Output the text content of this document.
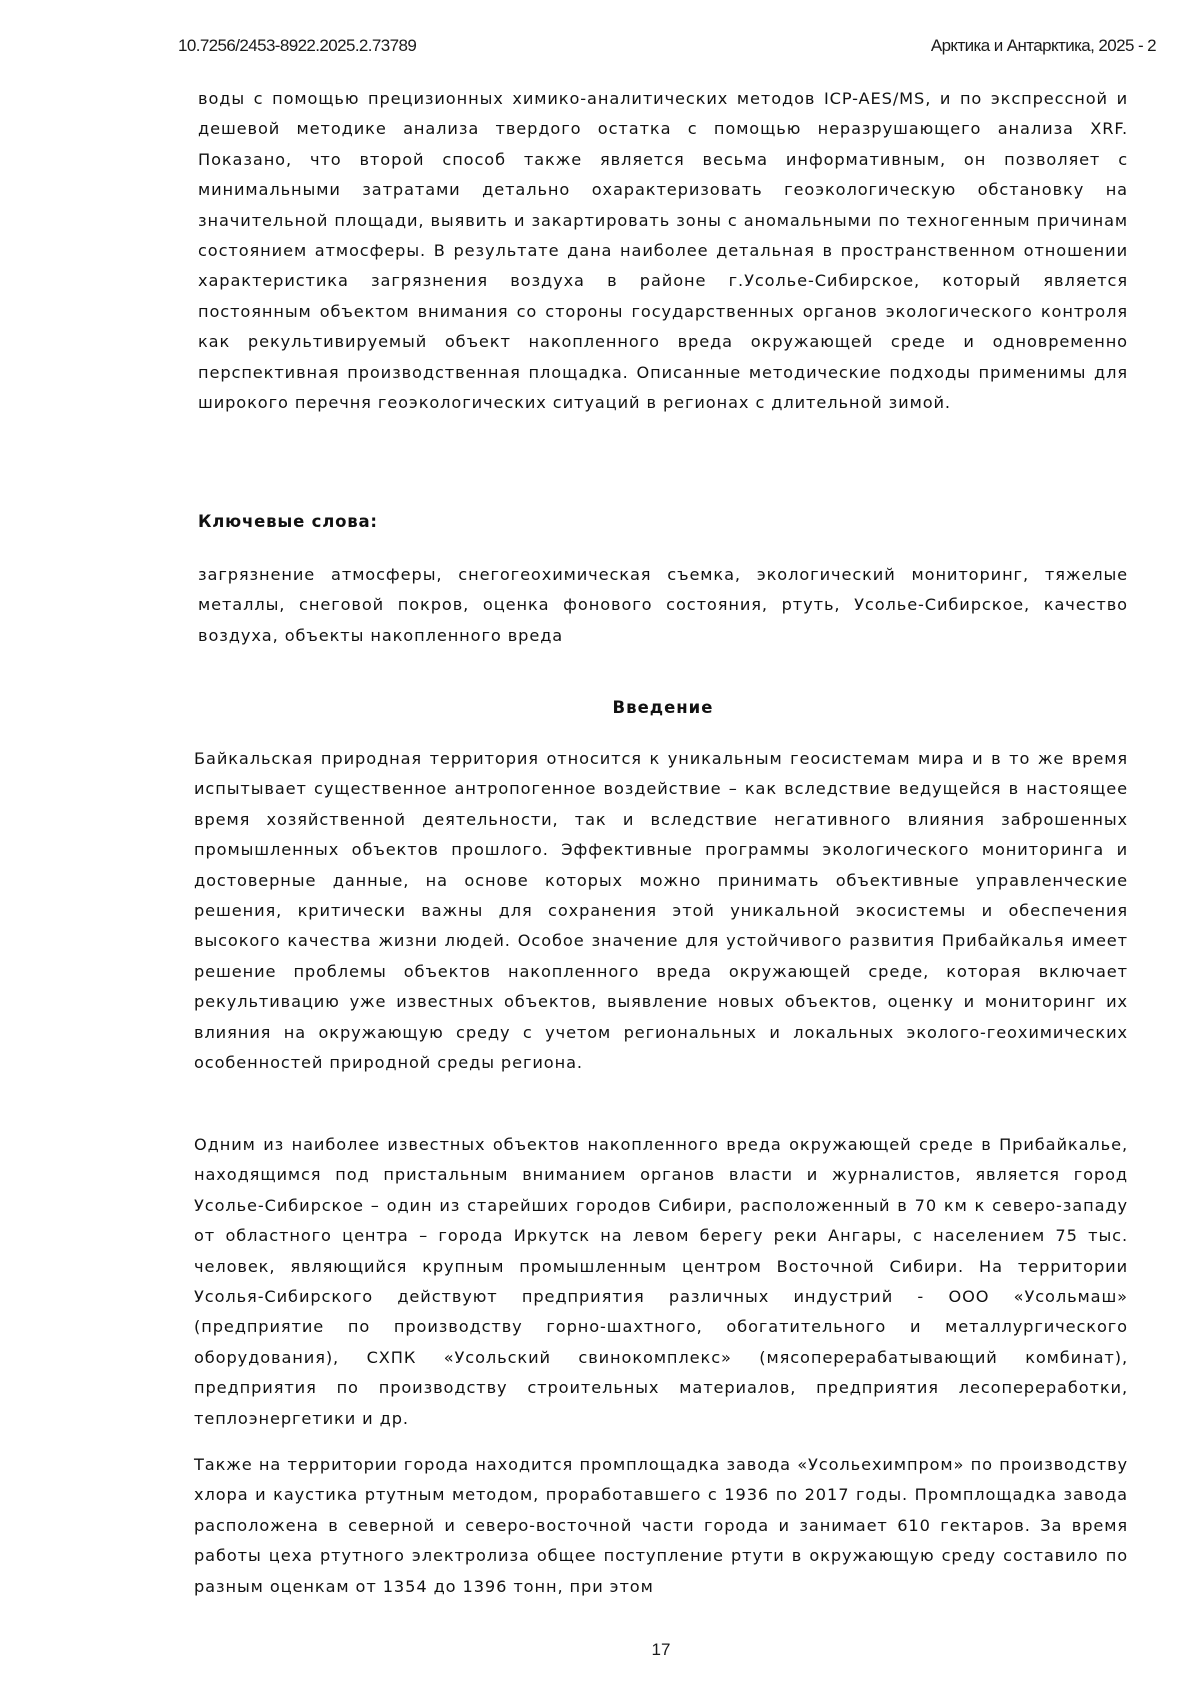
10.7256/2453-8922.2025.2.73789	Арктика и Антарктика, 2025 - 2

воды с помощью прецизионных химико-аналитических методов ICP-AES/MS, и по экспрессной и дешевой методике анализа твердого остатка с помощью неразрушающего анализа XRF. Показано, что второй способ также является весьма информативным, он позволяет с минимальными затратами детально охарактеризовать геоэкологическую обстановку на значительной площади, выявить и закартировать зоны с аномальными по техногенным причинам состоянием атмосферы. В результате дана наиболее детальная в пространственном отношении характеристика загрязнения воздуха в районе г.Усолье-Сибирское, который является постоянным объектом внимания со стороны государственных органов экологического контроля как рекультивируемый объект накопленного вреда окружающей среде и одновременно перспективная производственная площадка. Описанные методические подходы применимы для широкого перечня геоэкологических ситуаций в регионах с длительной зимой.

Ключевые слова:

загрязнение атмосферы, снегогеохимическая съемка, экологический мониторинг, тяжелые металлы, снеговой покров, оценка фонового состояния, ртуть, Усолье-Сибирское, качество воздуха, объекты накопленного вреда

Введение

Байкальская природная территория относится к уникальным геосистемам мира и в то же время испытывает существенное антропогенное воздействие – как вследствие ведущейся в настоящее время хозяйственной деятельности, так и вследствие негативного влияния заброшенных промышленных объектов прошлого. Эффективные программы экологического мониторинга и достоверные данные, на основе которых можно принимать объективные управленческие решения, критически важны для сохранения этой уникальной экосистемы и обеспечения высокого качества жизни людей. Особое значение для устойчивого развития Прибайкалья имеет решение проблемы объектов накопленного вреда окружающей среде, которая включает рекультивацию уже известных объектов, выявление новых объектов, оценку и мониторинг их влияния на окружающую среду с учетом региональных и локальных эколого-геохимических особенностей природной среды региона.

Одним из наиболее известных объектов накопленного вреда окружающей среде в Прибайкалье, находящимся под пристальным вниманием органов власти и журналистов, является город Усолье-Сибирское – один из старейших городов Сибири, расположенный в 70 км к северо-западу от областного центра – города Иркутск на левом берегу реки Ангары, с населением 75 тыс. человек, являющийся крупным промышленным центром Восточной Сибири. На территории Усолья-Сибирского действуют предприятия различных индустрий - ООО «Усольмаш» (предприятие по производству горно-шахтного, обогатительного и металлургического оборудования), СХПК «Усольский свинокомплекс» (мясоперерабатывающий комбинат), предприятия по производству строительных материалов, предприятия лесопереработки, теплоэнергетики и др.

Также на территории города находится промплощадка завода «Усольехимпром» по производству хлора и каустика ртутным методом, проработавшего с 1936 по 2017 годы. Промплощадка завода расположена в северной и северо-восточной части города и занимает 610 гектаров. За время работы цеха ртутного электролиза общее поступление ртути в окружающую среду составило по разным оценкам от 1354 до 1396 тонн, при этом

17
